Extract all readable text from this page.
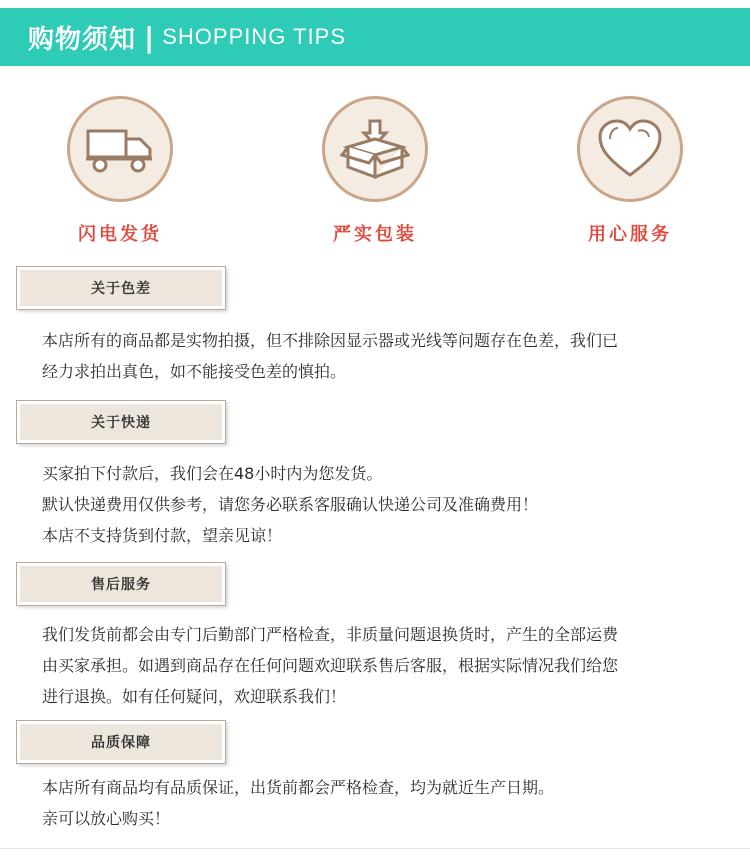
购物须知 | SHOPPING TIPS
闪电发货	严实包装	用心服务
关于色差

本店所有的商品都是实物拍摄，但不排除因显示器或光线等问题存在色差，我们已

经力求拍出真色，如不能接受色差的慎拍。

关于快递

买家拍下付款后，我们会在48小时内为您发货。

默认快递费用仅供参考，请您务必联系客服确认快递公司及准确费用！

本店不支持货到付款，望亲见谅！

售后服务

我们发货前都会由专门后勤部门严格检查，非质量问题退换货时，产生的全部运费

由买家承担。如遇到商品存在任何问题欢迎联系售后客服，根据实际情况我们给您

进行退换。如有任何疑问，欢迎联系我们！

品质保障

本店所有商品均有品质保证，出货前都会严格检查，均为就近生产日期。

亲可以放心购买！
